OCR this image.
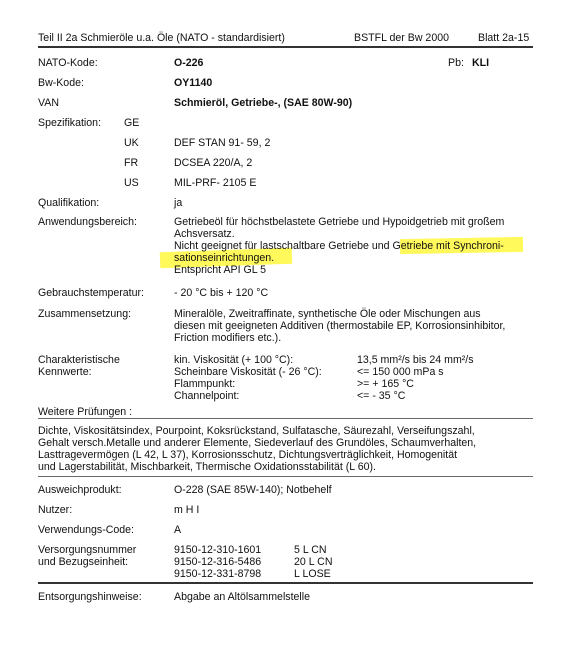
Teil II 2a Schmieröle u.a. Öle (NATO - standardisiert)	BSTFL der Bw 2000	Blatt 2a-15
NATO-Kode:	O-226	Pb: KLI
Bw-Kode:	OY1140
VAN	Schmieröl, Getriebe-, (SAE 80W-90)
Spezifikation: GE
UK	DEF STAN 91- 59, 2
FR	DCSEA 220/A, 2
US	MIL-PRF- 2105 E
Qualifikation:	ja
Anwendungsbereich:	Getriebeöl für höchstbelastete Getriebe und Hypoidgetrieb mit großem
Achsversatz.
Nicht geeignet für lastschaltbare Getriebe und Getriebe mit Synchroni-
sationseinrichtungen.
Entspricht API GL 5
Gebrauchstemperatur:	- 20 °C bis + 120 °C
Zusammensetzung:	Mineralöle, Zweitraffinate, synthetische Öle oder Mischungen aus
diesen mit geeigneten Additiven (thermostabile EP, Korrosionsinhibitor,
Friction modifiers etc.).
Charakteristische
Kennwerte:
kin. Viskosität (+ 100 °C):	13,5 mm²/s bis 24 mm²/s
Scheinbare Viskosität (- 26 °C):	<= 150 000 mPa s
Flammpunkt:	>= + 165 °C
Channelpoint:	<= - 35 °C
Weitere Prüfungen :
Dichte, Viskositätsindex, Pourpoint, Koksrückstand, Sulfatasche, Säurezahl, Verseifungszahl,
Gehalt versch.Metalle und anderer Elemente, Siedeverlauf des Grundöles, Schaumverhalten,
Lasttragevermögen (L 42, L 37), Korrosionsschutz, Dichtungsverträglichkeit, Homogenität
und Lagerstabilität, Mischbarkeit, Thermische Oxidationsstabilität (L 60).
Ausweichprodukt:	O-228 (SAE 85W-140); Notbehelf
Nutzer:	m H I
Verwendungs-Code:	A
Versorgungsnummer
und Bezugseinheit:
9150-12-310-1601	5 L CN
9150-12-316-5486	20 L CN
9150-12-331-8798	L LOSE
Entsorgungshinweise:	Abgabe an Altölsammelstelle
